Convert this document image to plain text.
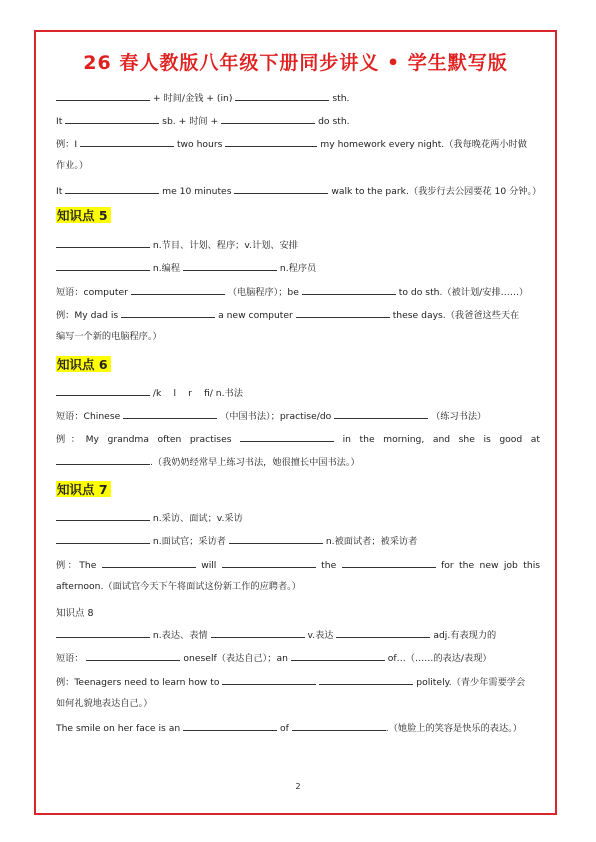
26 春人教版八年级下册同步讲义 • 学生默写版
+ 时间/金钱 + (in)	sth.
It	sb. + 时间 +	do sth.
例：I	two hours	my homework every night.（我每晚花两小时做
作业。）
It	me 10 minutes	walk to the park.（我步行去公园要花 10 分钟。）
知识点 5
n.节目、计划、程序；v.计划、安排
n.编程	n.程序员
短语：computer	（电脑程序）；be	to do sth.（被计划/安排……）
例：My dad is	a new computer	these days.（我爸爸这些天在
编写一个新的电脑程序。）
知识点 6
/k　 l　 r　 fi/ n.书法
短语：Chinese	（中国书法）；practise/do	（练习书法）
例：My grandma often practises	in the morning, and she is good at
.（我奶奶经常早上练习书法，她很擅长中国书法。）
知识点 7
n.采访、面试；v.采访
n.面试官；采访者	n.被面试者；被采访者
例：The	will	the	for the new job this
afternoon.（面试官今天下午将面试这份新工作的应聘者。）
知识点 8
n.表达、表情	v.表达	adj.有表现力的
短语：	oneself（表达自己）；an	of…（……的表达/表现）
例：Teenagers need to learn how to	politely.（青少年需要学会
如何礼貌地表达自己。）
The smile on her face is an	of	.（她脸上的笑容是快乐的表达。）
2
